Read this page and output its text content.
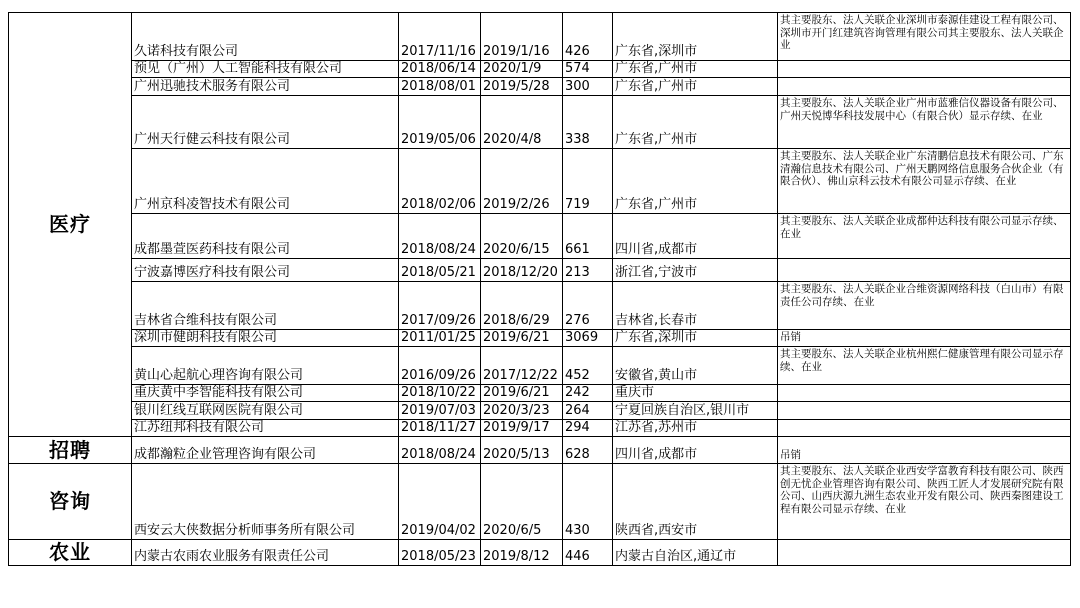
医疗	久诺科技有限公司	2017/11/16	2019/1/16	426	广东省,深圳市	其主要股东、法人关联企业深圳市泰源佳建设工程有限公司、深圳市开门红建筑咨询管理有限公司其主要股东、法人关联企业
	预见（广州）人工智能科技有限公司	2018/06/14	2020/1/9	574	广东省,广州市	
	广州迅驰技术服务有限公司	2018/08/01	2019/5/28	300	广东省,广州市	
	广州天行健云科技有限公司	2019/05/06	2020/4/8	338	广东省,广州市	其主要股东、法人关联企业广州市蓝雅信仪器设备有限公司、广州天悦博华科技发展中心（有限合伙）显示存续、在业
	广州京科凌智技术有限公司	2018/02/06	2019/2/26	719	广东省,广州市	其主要股东、法人关联企业广东清鹏信息技术有限公司、广东清瀚信息技术有限公司、广州天鹏网络信息服务合伙企业（有限合伙）、佛山京科云技术有限公司显示存续、在业
	成都墨萱医药科技有限公司	2018/08/24	2020/6/15	661	四川省,成都市	其主要股东、法人关联企业成都仲达科技有限公司显示存续、在业
	宁波嘉博医疗科技有限公司	2018/05/21	2018/12/20	213	浙江省,宁波市	
	吉林省合维科技有限公司	2017/09/26	2018/6/29	276	吉林省,长春市	其主要股东、法人关联企业合维资源网络科技（白山市）有限责任公司存续、在业
	深圳市健朗科技有限公司	2011/01/25	2019/6/21	3069	广东省,深圳市	吊销
	黄山心起航心理咨询有限公司	2016/09/26	2017/12/22	452	安徽省,黄山市	其主要股东、法人关联企业杭州熙仁健康管理有限公司显示存续、在业
	重庆黄中李智能科技有限公司	2018/10/22	2019/6/21	242	重庆市	
	银川红线互联网医院有限公司	2019/07/03	2020/3/23	264	宁夏回族自治区,银川市	
	江苏纽邦科技有限公司	2018/11/27	2019/9/17	294	江苏省,苏州市	
招聘	成都瀚粒企业管理咨询有限公司	2018/08/24	2020/5/13	628	四川省,成都市	吊销
咨询	西安云大侠数据分析师事务所有限公司	2019/04/02	2020/6/5	430	陕西省,西安市	其主要股东、法人关联企业西安学富教育科技有限公司、陕西创无忧企业管理咨询有限公司、陕西工匠人才发展研究院有限公司、山西庆源九洲生态农业开发有限公司、陕西秦图建设工程有限公司显示存续、在业
农业	内蒙古农雨农业服务有限责任公司	2018/05/23	2019/8/12	446	内蒙古自治区,通辽市	
